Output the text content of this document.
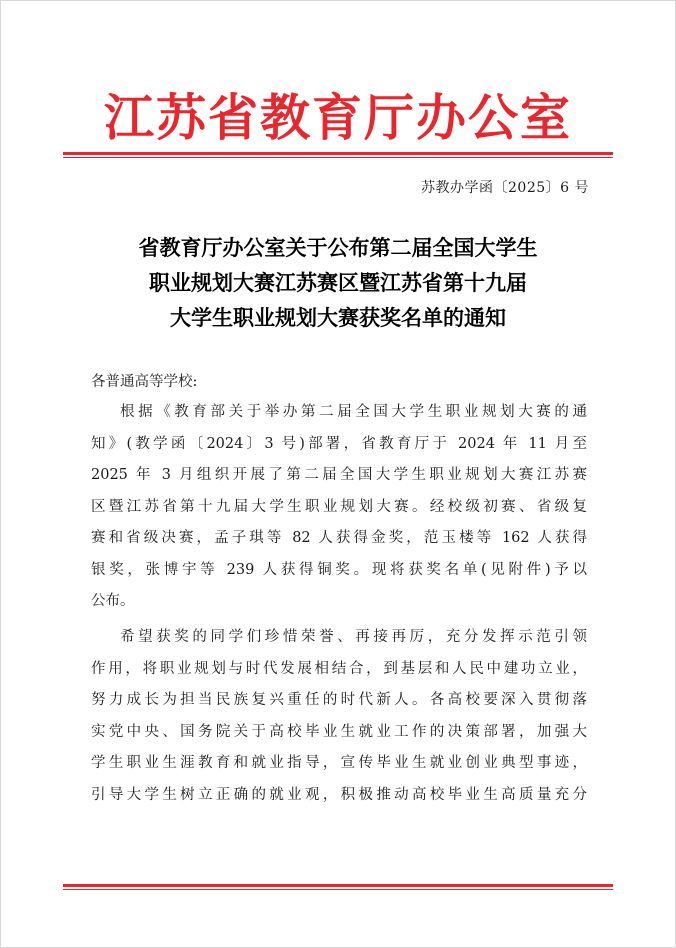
江苏省教育厅办公室
苏教办学函〔2025〕6 号
省教育厅办公室关于公布第二届全国大学生
职业规划大赛江苏赛区暨江苏省第十九届
大学生职业规划大赛获奖名单的通知
各普通高等学校:
根据《教育部关于举办第二届全国大学生职业规划大赛的通
知》(教学函〔2024〕3 号)部署，省教育厅于 2024 年 11 月至
2025 年 3 月组织开展了第二届全国大学生职业规划大赛江苏赛
区暨江苏省第十九届大学生职业规划大赛。经校级初赛、省级复
赛和省级决赛，孟子琪等 82 人获得金奖，范玉楼等 162 人获得
银奖，张博宇等 239 人获得铜奖。现将获奖名单(见附件)予以
公布。
希望获奖的同学们珍惜荣誉、再接再厉，充分发挥示范引领
作用，将职业规划与时代发展相结合，到基层和人民中建功立业，
努力成长为担当民族复兴重任的时代新人。各高校要深入贯彻落
实党中央、国务院关于高校毕业生就业工作的决策部署，加强大
学生职业生涯教育和就业指导，宣传毕业生就业创业典型事迹，
引导大学生树立正确的就业观，积极推动高校毕业生高质量充分
